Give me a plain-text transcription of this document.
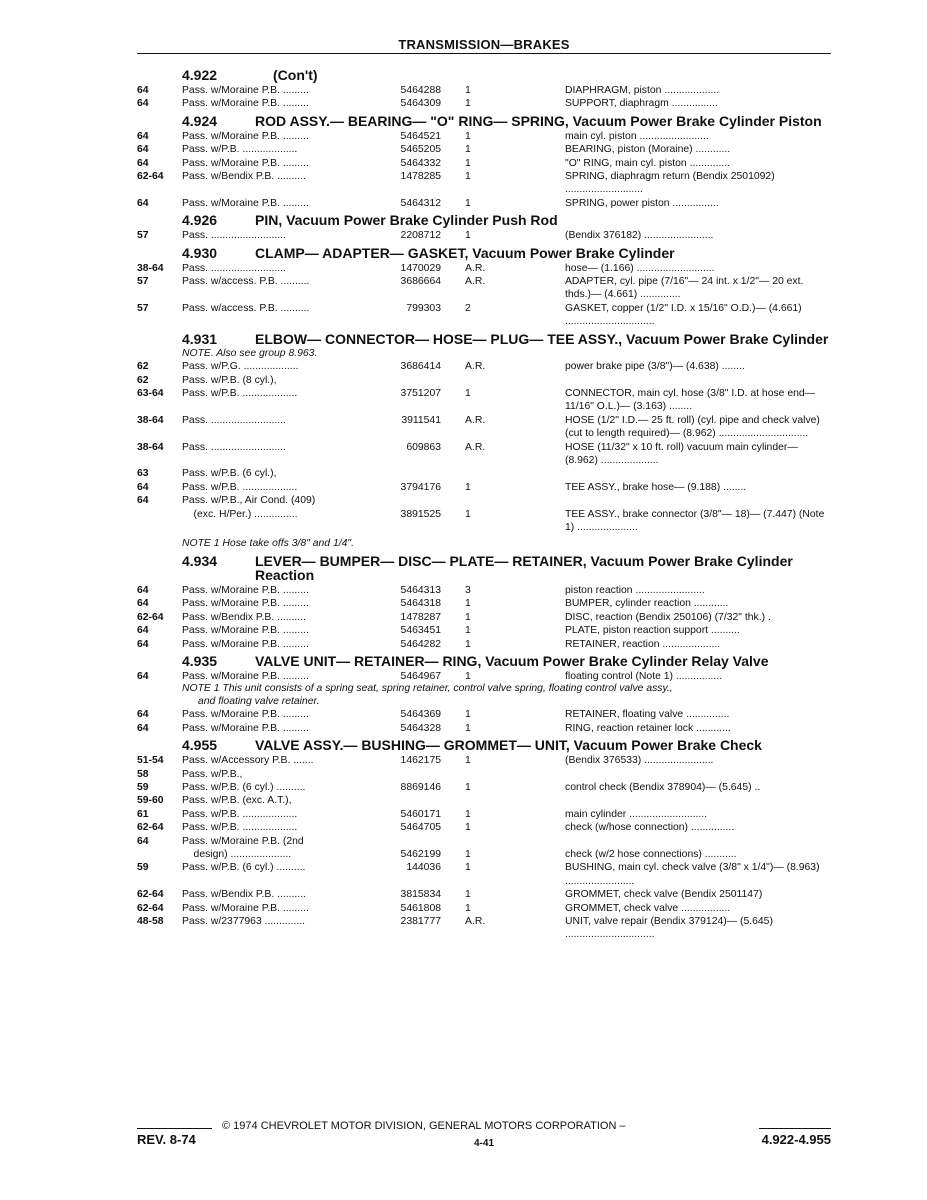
TRANSMISSION—BRAKES
4.922	(Con't)
64	Pass. w/Moraine P.B. .........	5464288 1	DIAPHRAGM, piston ...................
64	Pass. w/Moraine P.B. .........	5464309 1	SUPPORT, diaphragm ................
4.924	ROD ASSY.— BEARING— "O" RING— SPRING, Vacuum Power Brake Cylinder Piston
64	Pass. w/Moraine P.B. .........	5464521 1	main cyl. piston ........................
64	Pass. w/P.B. ...................	5465205 1	BEARING, piston (Moraine) ............
64	Pass. w/Moraine P.B. .........	5464332 1	"O" RING, main cyl. piston ..............
62-64 Pass. w/Bendix P.B. ..........	1478285 1	SPRING, diaphragm return (Bendix 2501092) ...........................
64	Pass. w/Moraine P.B. .........	5464312 1	SPRING, power piston ................
4.926	PIN, Vacuum Power Brake Cylinder Push Rod
57	Pass. ..........................	2208712 1	(Bendix 376182) ........................
4.930	CLAMP— ADAPTER— GASKET, Vacuum Power Brake Cylinder
38-64 Pass. ..........................	1470029 A.R.	hose— (1.166) ...........................
57	Pass. w/access. P.B. ..........	3686664 A.R.	ADAPTER, cyl. pipe (7/16"— 24 int. x 1/2"— 20 ext. thds.)— (4.661) ..............
57	Pass. w/access. P.B. ..........	799303 2	GASKET, copper (1/2" I.D. x 15/16" O.D.)— (4.661) ...............................
4.931	ELBOW— CONNECTOR— HOSE— PLUG— TEE ASSY., Vacuum Power Brake Cylinder
NOTE. Also see group 8.963.
62	Pass. w/P.G. ...................	3686414 A.R.	power brake pipe (3/8")— (4.638) ........
62	Pass. w/P.B. (8 cyl.),
63-64 Pass. w/P.B. ...................	3751207 1	CONNECTOR, main cyl. hose (3/8" I.D. at hose end— 11/16" O.L.)— (3.163) ........
38-64 Pass. ..........................	3911541 A.R.	HOSE (1/2" I.D.— 25 ft. roll) (cyl. pipe and check valve) (cut to length required)— (8.962) ...............................
38-64 Pass. ..........................	609863 A.R.	HOSE (11/32" x 10 ft. roll) vacuum main cylinder— (8.962) ....................
63	Pass. w/P.B. (6 cyl.),
64	Pass. w/P.B. ...................	3794176 1	TEE ASSY., brake hose— (9.188) ........
64	Pass. w/P.B., Air Cond. (409)
(exc. H/Per.) ...............	3891525 1	TEE ASSY., brake connector (3/8"— 18)— (7.447) (Note 1) .....................
NOTE 1 Hose take offs 3/8" and 1/4".
4.934	LEVER— BUMPER— DISC— PLATE— RETAINER, Vacuum Power Brake Cylinder Reaction
64	Pass. w/Moraine P.B. .........	5464313 3	piston reaction ........................
64	Pass. w/Moraine P.B. .........	5464318 1	BUMPER, cylinder reaction ............
62-64 Pass. w/Bendix P.B. ..........	1478287 1	DISC, reaction (Bendix 250106) (7/32" thk.) .
64	Pass. w/Moraine P.B. .........	5463451 1	PLATE, piston reaction support ..........
64	Pass. w/Moraine P.B. .........	5464282 1	RETAINER, reaction ....................
4.935	VALVE UNIT— RETAINER— RING, Vacuum Power Brake Cylinder Relay Valve
64	Pass. w/Moraine P.B. .........	5464967 1	floating control (Note 1) ................
NOTE 1 This unit consists of a spring seat, spring retainer, control valve spring, floating control valve assy.,
and floating valve retainer.
64	Pass. w/Moraine P.B. .........	5464369 1	RETAINER, floating valve ...............
64	Pass. w/Moraine P.B. .........	5464328 1	RING, reaction retainer lock ............
4.955	VALVE ASSY.— BUSHING— GROMMET— UNIT, Vacuum Power Brake Check
51-54 Pass. w/Accessory P.B. .......	1462175 1	(Bendix 376533) ........................
58	Pass. w/P.B.,
59	Pass. w/P.B. (6 cyl.) ..........	8869146 1	control check (Bendix 378904)— (5.645) ..
59-60 Pass. w/P.B. (exc. A.T.),
61	Pass. w/P.B. ...................	5460171 1	main cylinder ...........................
62-64 Pass. w/P.B. ...................	5464705 1	check (w/hose connection) ...............
64	Pass. w/Moraine P.B. (2nd
design) .....................	5462199 1	check (w/2 hose connections) ...........
59	Pass. w/P.B. (6 cyl.) ..........	144036 1	BUSHING, main cyl. check valve (3/8" x 1/4")— (8.963) ........................
62-64 Pass. w/Bendix P.B. ..........	3815834 1	GROMMET, check valve (Bendix 2501147)
62-64 Pass. w/Moraine P.B. .........	5461808 1	GROMMET, check valve .................
48-58 Pass. w/2377963 ..............	2381777 A.R.	UNIT, valve repair (Bendix 379124)— (5.645) ...............................
© 1974 CHEVROLET MOTOR DIVISION, GENERAL MOTORS CORPORATION –
REV. 8-74	4-41	4.922-4.955
